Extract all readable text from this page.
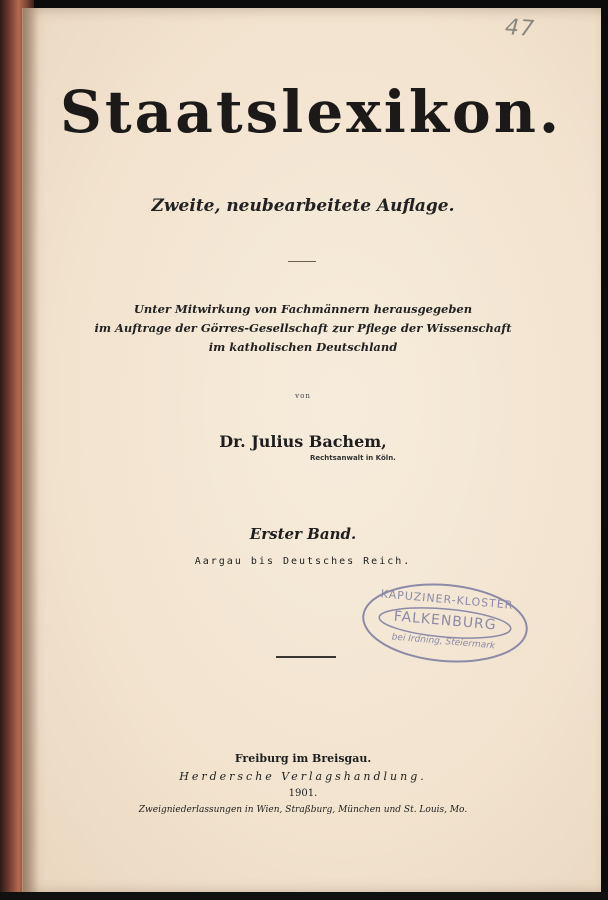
47
Staatslexikon.
Zweite, neubearbeitete Auflage.
Unter Mitwirkung von Fachmännern herausgegeben
im Auftrage der Görres-Gesellschaft zur Pflege der Wissenschaft
im katholischen Deutschland
von
Dr. Julius Bachem,
Rechtsanwalt in Köln.
Erster Band.
Aargau bis Deutsches Reich.
KAPUZINER-KLOSTER
FALKENBURG
bei Irdning, Steiermark
Freiburg im Breisgau.
Herdersche Verlagshandlung.
1901.
Zweigniederlassungen in Wien, Straßburg, München und St. Louis, Mo.
